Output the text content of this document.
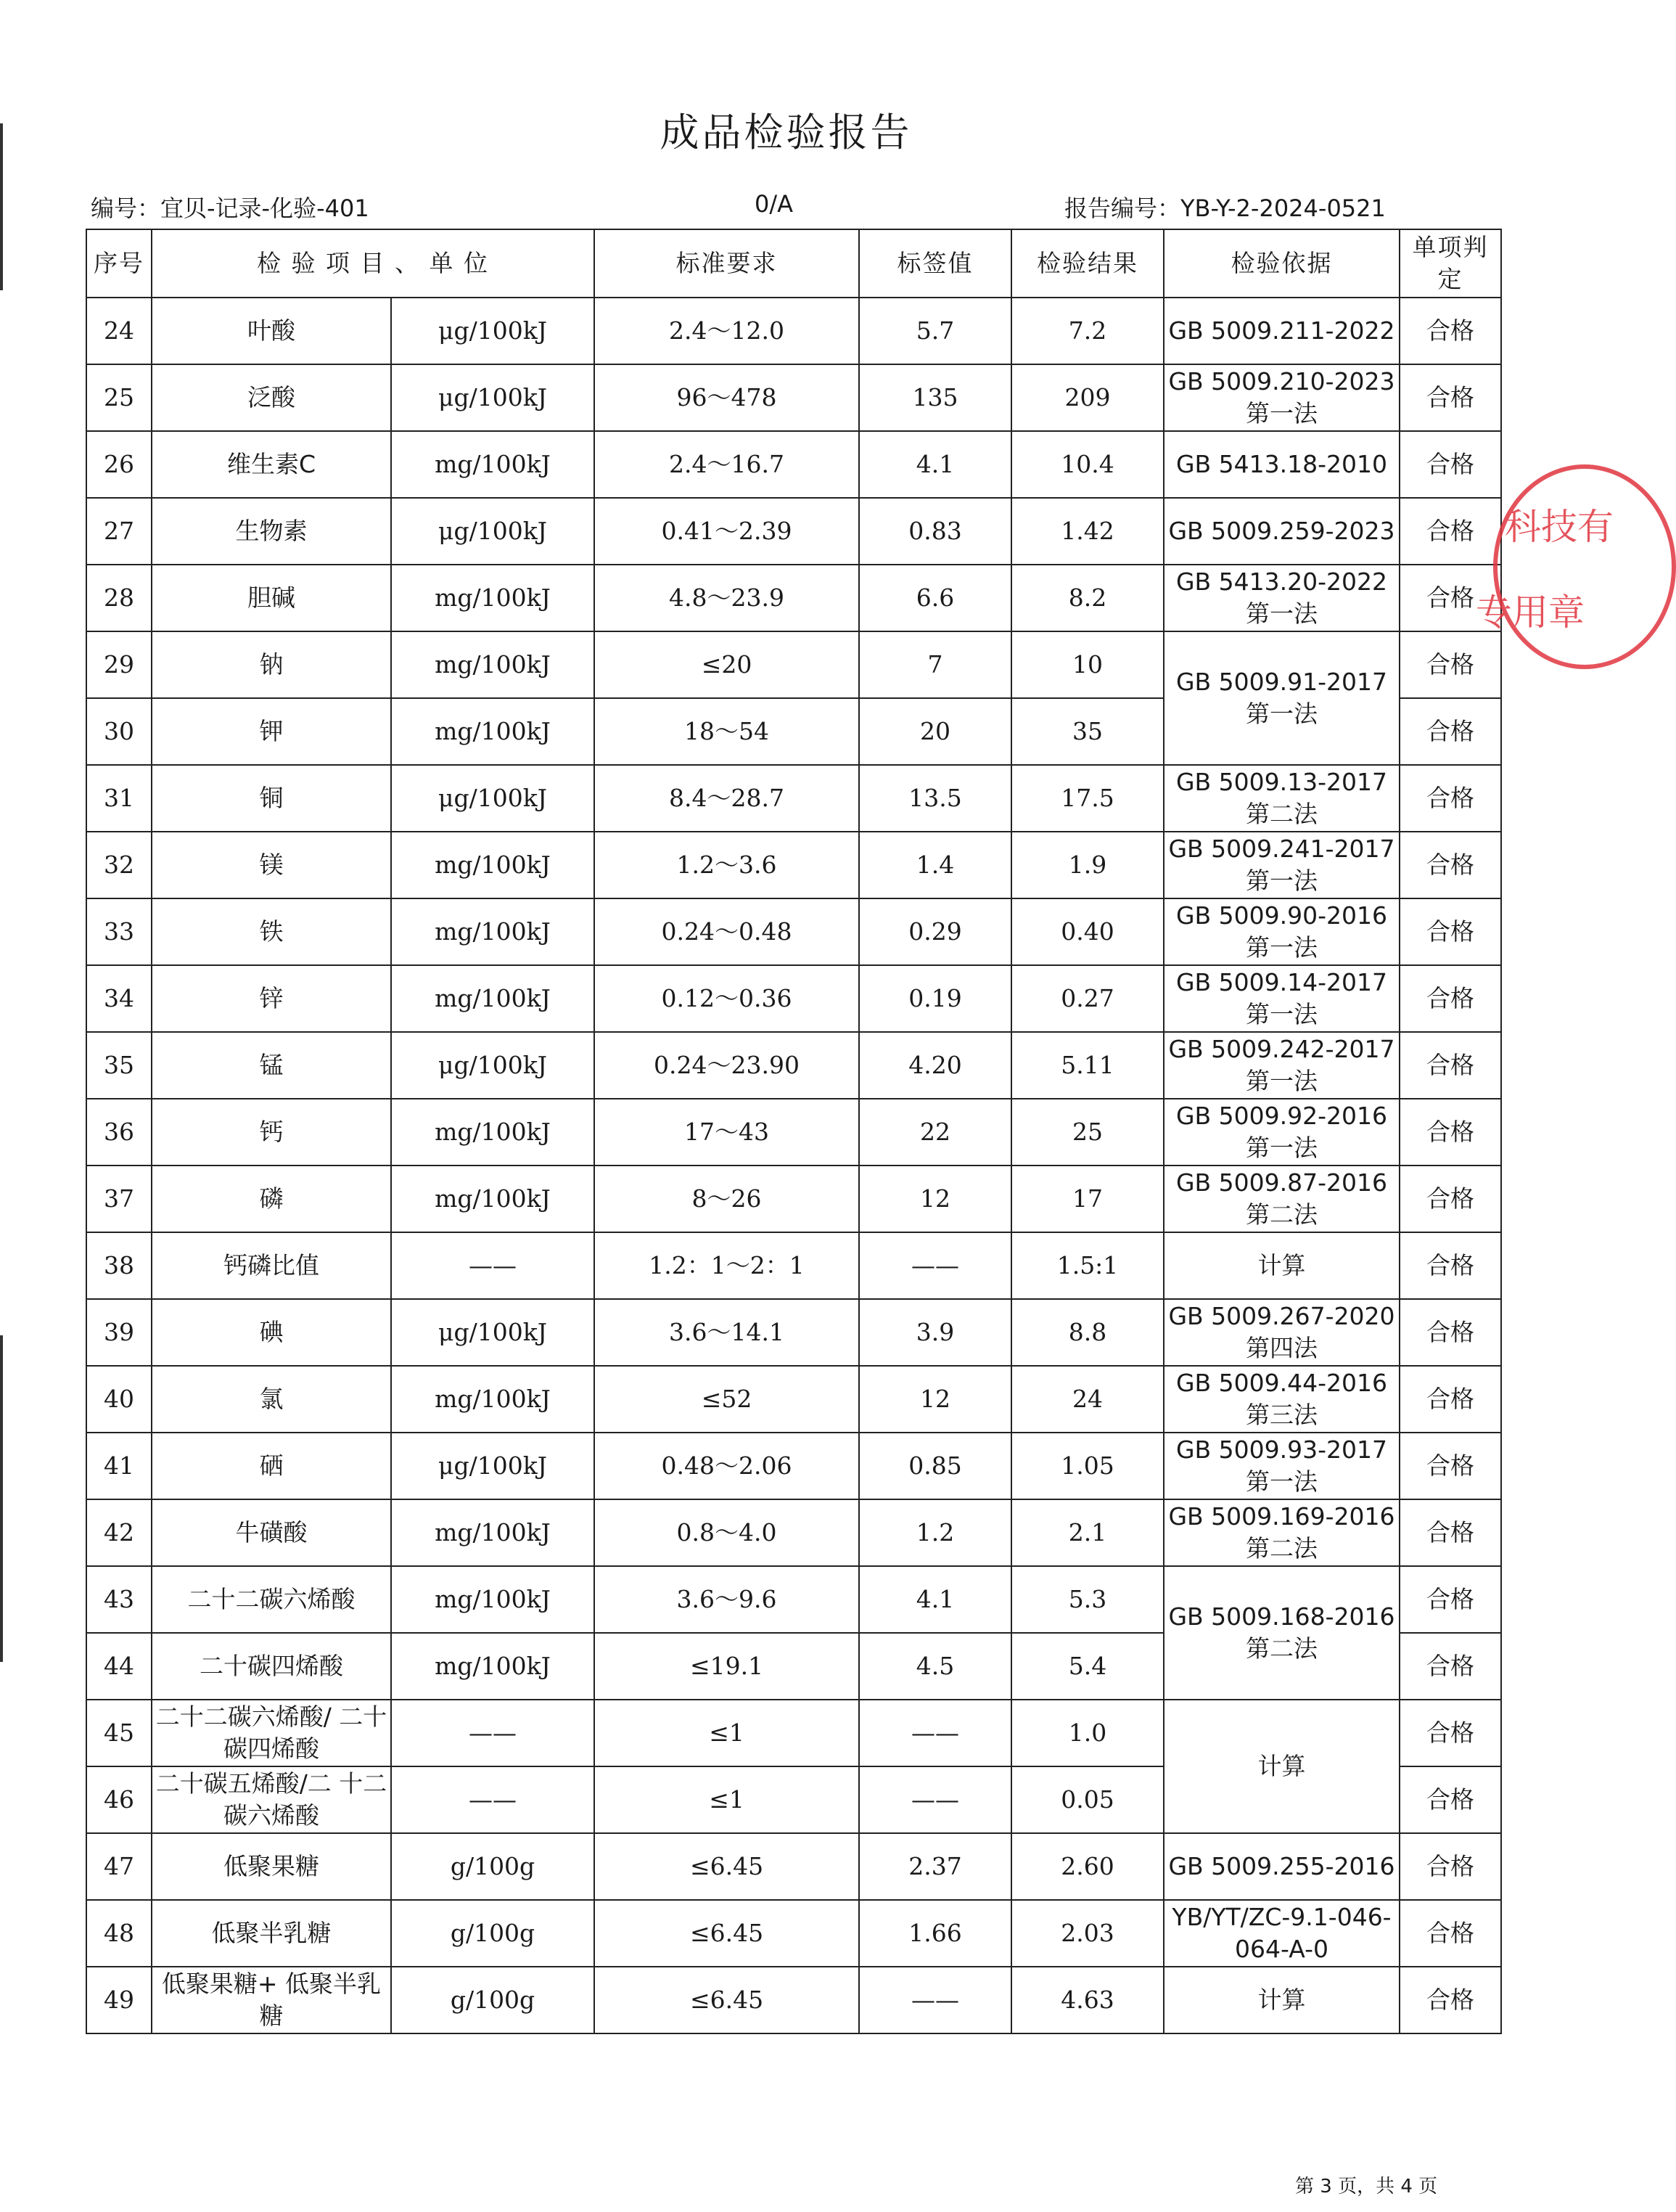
成品检验报告
编号：宜贝-记录-化验-401	0/A	报告编号：YB-Y-2-2024-0521
序号	检 验 项 目 、 单 位		标准要求	标签值	检验结果	检验依据	单项判定
24	叶酸	μg/100kJ	2.4～12.0	5.7	7.2	GB 5009.211-2022	合格
25	泛酸	μg/100kJ	96～478	135	209	GB 5009.210-2023 第一法	合格
26	维生素C	mg/100kJ	2.4～16.7	4.1	10.4	GB 5413.18-2010	合格
27	生物素	μg/100kJ	0.41～2.39	0.83	1.42	GB 5009.259-2023	合格
28	胆碱	mg/100kJ	4.8～23.9	6.6	8.2	GB 5413.20-2022 第一法	合格
29	钠	mg/100kJ	≤20	7	10	GB 5009.91-2017 第一法	合格
30	钾	mg/100kJ	18～54	20	35		合格
31	铜	μg/100kJ	8.4～28.7	13.5	17.5	GB 5009.13-2017 第二法	合格
32	镁	mg/100kJ	1.2～3.6	1.4	1.9	GB 5009.241-2017 第一法	合格
33	铁	mg/100kJ	0.24～0.48	0.29	0.40	GB 5009.90-2016 第一法	合格
34	锌	mg/100kJ	0.12～0.36	0.19	0.27	GB 5009.14-2017 第一法	合格
35	锰	μg/100kJ	0.24～23.90	4.20	5.11	GB 5009.242-2017 第一法	合格
36	钙	mg/100kJ	17～43	22	25	GB 5009.92-2016 第一法	合格
37	磷	mg/100kJ	8～26	12	17	GB 5009.87-2016 第二法	合格
38	钙磷比值	——	1.2：1～2：1	——	1.5:1	计算	合格
39	碘	μg/100kJ	3.6～14.1	3.9	8.8	GB 5009.267-2020 第四法	合格
40	氯	mg/100kJ	≤52	12	24	GB 5009.44-2016 第三法	合格
41	硒	μg/100kJ	0.48～2.06	0.85	1.05	GB 5009.93-2017 第一法	合格
42	牛磺酸	mg/100kJ	0.8～4.0	1.2	2.1	GB 5009.169-2016 第二法	合格
43	二十二碳六烯酸	mg/100kJ	3.6～9.6	4.1	5.3	GB 5009.168-2016 第二法	合格
44	二十碳四烯酸	mg/100kJ	≤19.1	4.5	5.4		合格
45	二十二碳六烯酸/ 二十碳四烯酸	——	≤1	——	1.0	计算	合格
46	二十碳五烯酸/二 十二碳六烯酸	——	≤1	——	0.05		合格
47	低聚果糖	g/100g	≤6.45	2.37	2.60	GB 5009.255-2016	合格
48	低聚半乳糖	g/100g	≤6.45	1.66	2.03	YB/YT/ZC-9.1-046- 064-A-0	合格
49	低聚果糖+ 低聚半乳糖	g/100g	≤6.45	——	4.63	计算	合格
科技有
专用章
第 3 页，共 4 页
